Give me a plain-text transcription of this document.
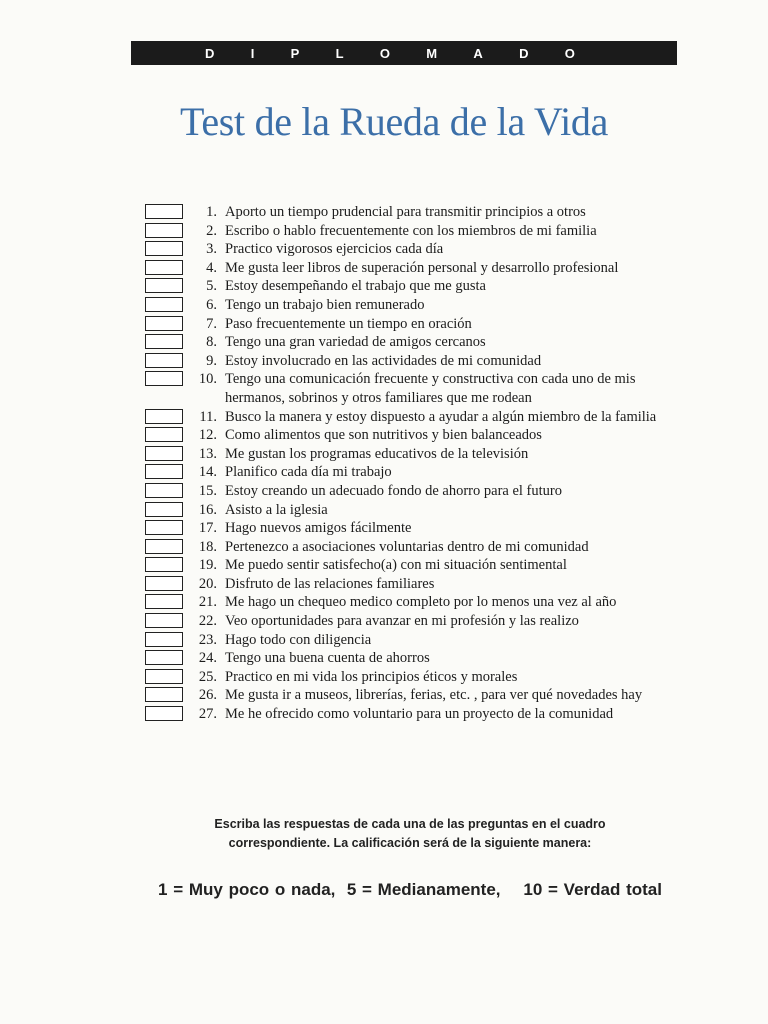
D	I	P	L	O	M	A	D	O
Test de la Rueda de la Vida
1. Aporto un tiempo prudencial para transmitir principios a otros
2. Escribo o hablo frecuentemente con los miembros de mi familia
3. Practico vigorosos ejercicios cada día
4. Me gusta leer libros de superación personal y desarrollo profesional
5. Estoy desempeñando el trabajo que me gusta
6. Tengo un trabajo bien remunerado
7. Paso frecuentemente un tiempo en oración
8. Tengo una gran variedad de amigos cercanos
9. Estoy involucrado en las actividades de mi comunidad
10. Tengo una comunicación frecuente y constructiva con cada uno de mis hermanos, sobrinos y otros familiares que me rodean
11. Busco la manera y estoy dispuesto a ayudar a algún miembro de la familia
12. Como alimentos que son nutritivos y bien balanceados
13. Me gustan los programas educativos de la televisión
14. Planifico cada día mi trabajo
15. Estoy creando un adecuado fondo de ahorro para el futuro
16. Asisto a la iglesia
17. Hago nuevos amigos fácilmente
18. Pertenezco a asociaciones voluntarias dentro de mi comunidad
19. Me puedo sentir satisfecho(a) con mi situación sentimental
20. Disfruto de las relaciones familiares
21. Me hago un chequeo medico completo por lo menos una vez al año
22. Veo oportunidades para avanzar en mi profesión y las realizo
23. Hago todo con diligencia
24. Tengo una buena cuenta de ahorros
25. Practico en mi vida los principios éticos y morales
26. Me gusta ir a museos, librerías, ferias, etc. , para ver qué novedades hay
27. Me he ofrecido como voluntario para un proyecto de la comunidad
Escriba las respuestas de cada una de las preguntas en el cuadro
correspondiente. La calificación será de la siguiente manera:
1 = Muy poco o nada,  5 = Medianamente,    10 = Verdad total
